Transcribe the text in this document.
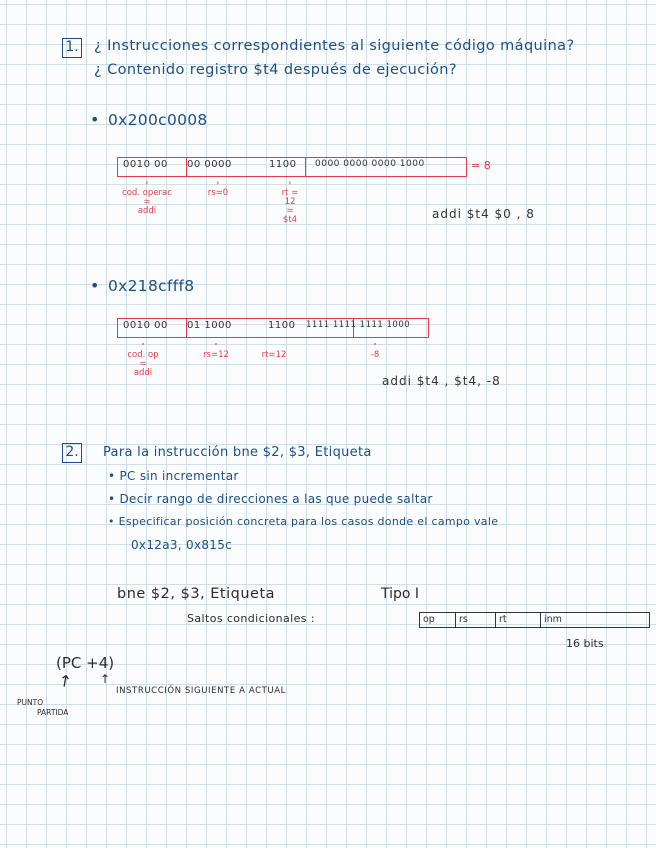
1. ¿ Instrucciones correspondientes al siguiente código máquina?
¿ Contenido registro $t4 después de ejecución?
• 0x200c0008
0010 00 00 0000	1100 0000 0000 0000 1000	= 8
ᵖ
cod. operac
=
addi
ᵖ
rs=0
ᵖ
rt =
12
=
$t4	addi $t4 $0 , 8
• 0x218cfff8
0010 00 01 1000	1100 1111 1111 1111 1000
"
cod. op
=
addi
"
rs=12	rt=12
"
-8
addi $t4 , $t4, -8
2. Para la instrucción bne $2, $3, Etiqueta
• PC sin incrementar
• Decir rango de direcciones a las que puede saltar
• Especificar posición concreta para los casos donde el campo vale
0x12a3, 0x815c
bne $2, $3, Etiqueta	Tipo I
Saltos condicionales :	op	rs	rt	inm
16 bits
(PC +4)
↗ ↑
INSTRUCCIÓN SIGUIENTE A ACTUAL
PUNTO
PARTIDA
